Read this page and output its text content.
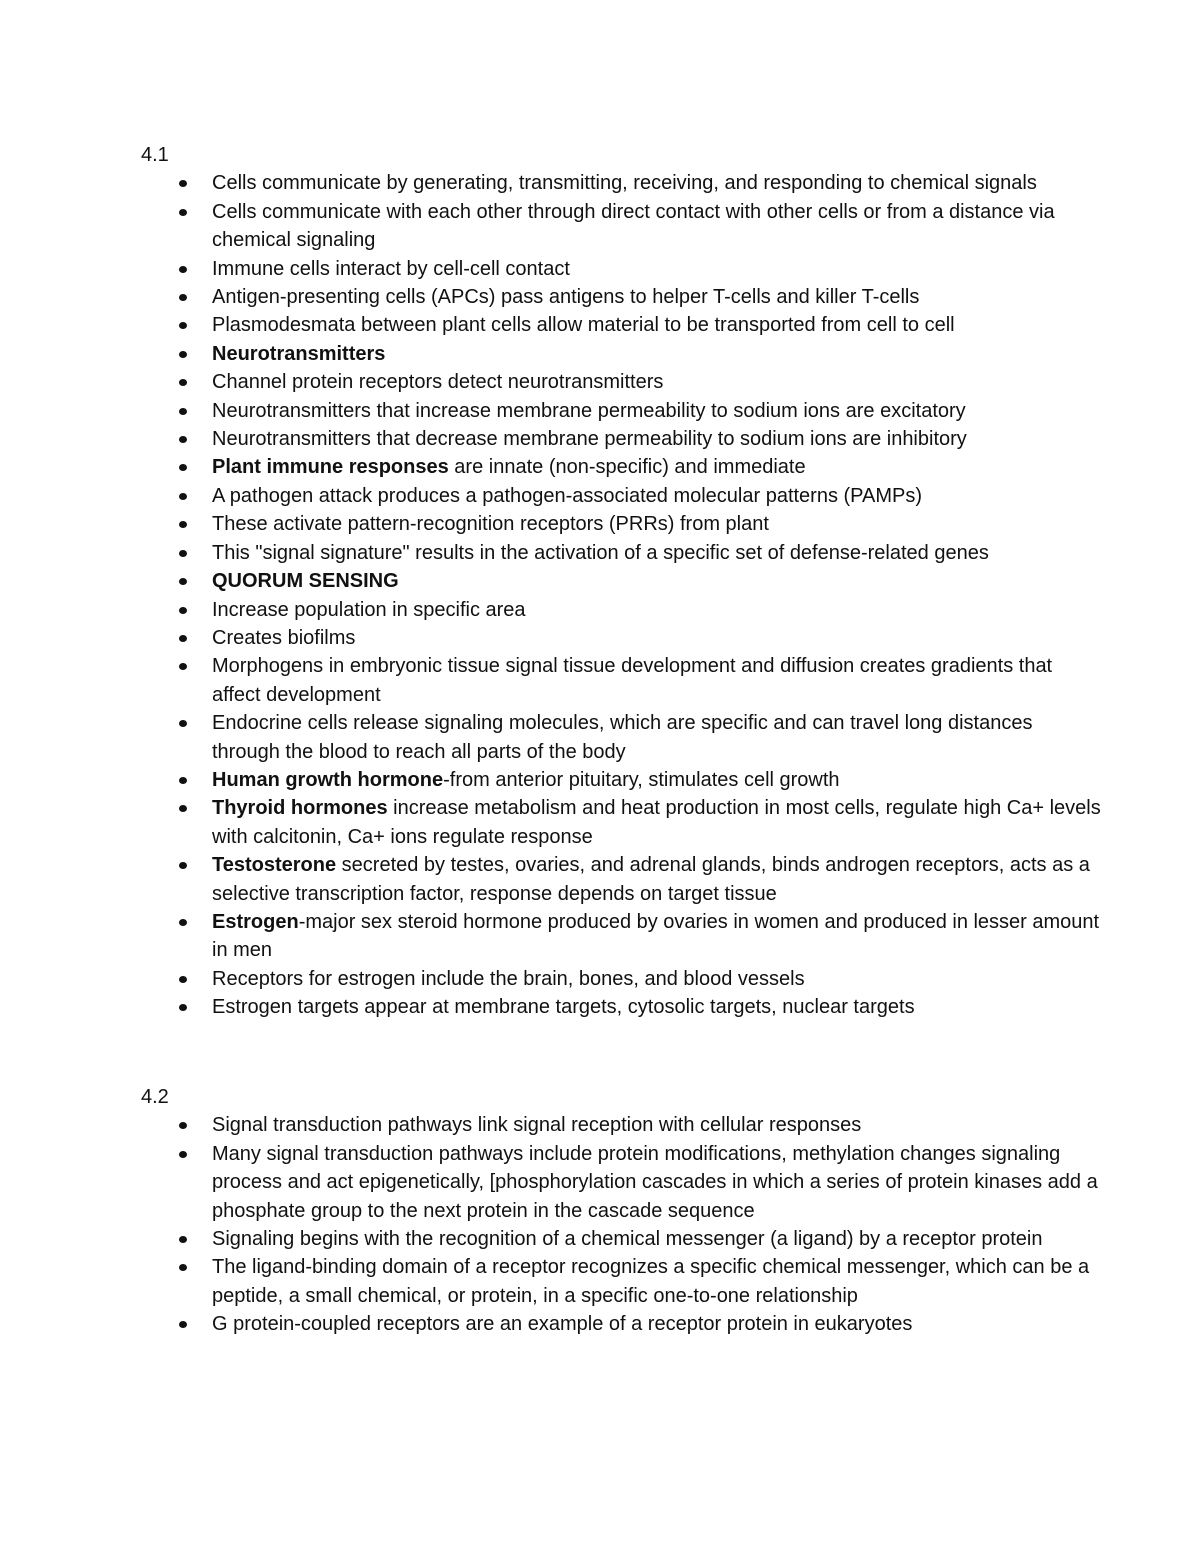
4.1

Cells communicate by generating, transmitting, receiving, and responding to chemical signals
Cells communicate with each other through direct contact with other cells or from a distance via chemical signaling
Immune cells interact by cell-cell contact
Antigen-presenting cells (APCs) pass antigens to helper T-cells and killer T-cells
Plasmodesmata between plant cells allow material to be transported from cell to cell
Neurotransmitters
Channel protein receptors detect neurotransmitters
Neurotransmitters that increase membrane permeability to sodium ions are excitatory
Neurotransmitters that decrease membrane permeability to sodium ions are inhibitory
Plant immune responses are innate (non-specific) and immediate
A pathogen attack produces a pathogen-associated molecular patterns (PAMPs)
These activate pattern-recognition receptors (PRRs) from plant
This "signal signature" results in the activation of a specific set of defense-related genes
QUORUM SENSING
Increase population in specific area
Creates biofilms
Morphogens in embryonic tissue signal tissue development and diffusion creates gradients that affect development
Endocrine cells release signaling molecules, which are specific and can travel long distances through the blood to reach all parts of the body
Human growth hormone-from anterior pituitary, stimulates cell growth
Thyroid hormones increase metabolism and heat production in most cells, regulate high Ca+ levels with calcitonin, Ca+ ions regulate response
Testosterone secreted by testes, ovaries, and adrenal glands, binds androgen receptors, acts as a selective transcription factor, response depends on target tissue
Estrogen-major sex steroid hormone produced by ovaries in women and produced in lesser amount in men
Receptors for estrogen include the brain, bones, and blood vessels
Estrogen targets appear at membrane targets, cytosolic targets, nuclear targets

4.2

Signal transduction pathways link signal reception with cellular responses
Many signal transduction pathways include protein modifications, methylation changes signaling process and act epigenetically, [phosphorylation cascades in which a series of protein kinases add a phosphate group to the next protein in the cascade sequence
Signaling begins with the recognition of a chemical messenger (a ligand) by a receptor protein
The ligand-binding domain of a receptor recognizes a specific chemical messenger, which can be a peptide, a small chemical, or protein, in a specific one-to-one relationship
G protein-coupled receptors are an example of a receptor protein in eukaryotes
